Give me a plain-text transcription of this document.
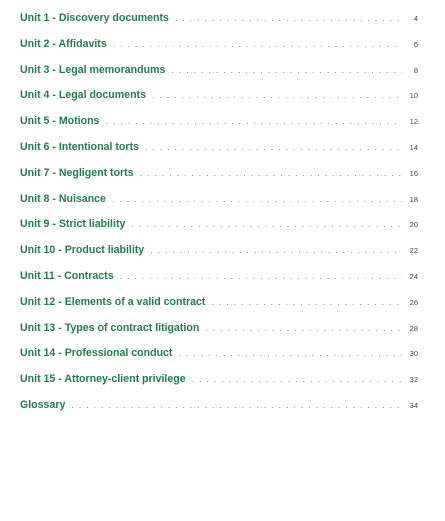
Unit 1 - Discovery documents . . .	4
Unit 2 - Affidavits . . .	6
Unit 3 - Legal memorandums . . .	8
Unit 4 - Legal documents . . .	10
Unit 5 - Motions . . .	12
Unit 6 - Intentional torts . . .	14
Unit 7 - Negligent torts . . .	16
Unit 8 - Nuisance . . .	18
Unit 9 - Strict liability . . .	20
Unit 10 - Product liability . . .	22
Unit 11 - Contracts . . .	24
Unit 12 - Elements of a valid contract . . .	26
Unit 13 - Types of contract litigation . . .	28
Unit 14 - Professional conduct . . .	30
Unit 15 - Attorney-client privilege . . .	32
Glossary . . .	34
